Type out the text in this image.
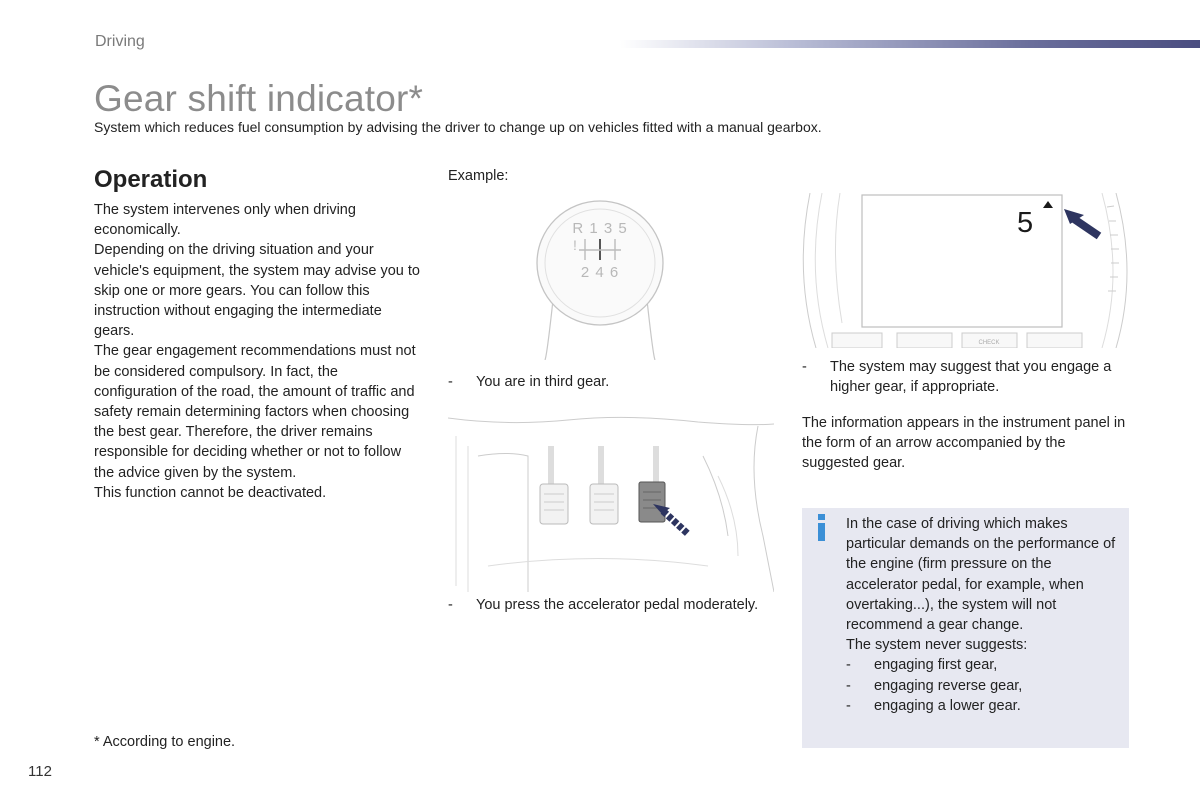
Driving
Gear shift indicator*
System which reduces fuel consumption by advising the driver to change up on vehicles fitted with a manual gearbox.
Operation

The system intervenes only when driving economically.

Depending on the driving situation and your vehicle's equipment, the system may advise you to skip one or more gears. You can follow this instruction without engaging the intermediate gears.

The gear engagement recommendations must not be considered compulsory. In fact, the configuration of the road, the amount of traffic and safety remain determining factors when choosing the best gear. Therefore, the driver remains responsible for deciding whether or not to follow the advice given by the system.

This function cannot be deactivated.

Example:
R 1 3 5
!
2 4 6
-	You are in third gear.
-	You press the accelerator pedal moderately.
5
CHECK
-	The system may suggest that you engage a higher gear, if appropriate.
The information appears in the instrument panel in the form of an arrow accompanied by the suggested gear.

In the case of driving which makes particular demands on the performance of the engine (firm pressure on the accelerator pedal, for example, when overtaking...), the system will not recommend a gear change.

The system never suggests:

-	engaging first gear,
-	engaging reverse gear,
-	engaging a lower gear.
* According to engine.
112
